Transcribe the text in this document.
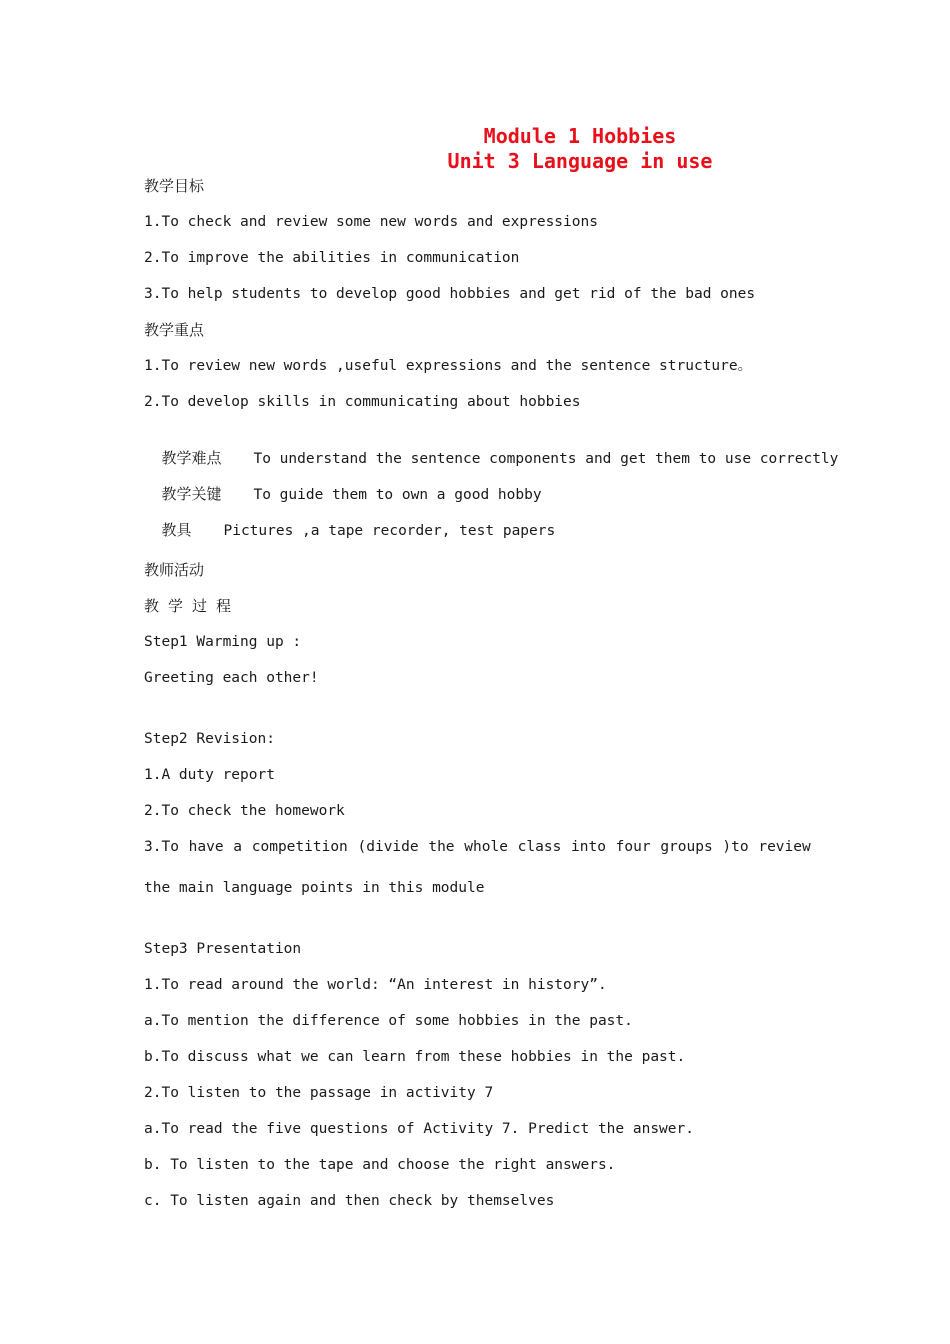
Module 1 Hobbies
Unit 3 Language in use
教学目标
1.To check and review some new words and expressions
2.To improve the abilities in communication
3.To help students to develop good hobbies and get rid of the bad ones
教学重点
1.To review new words ,useful expressions and the sentence structure。
2.To develop skills in communicating about hobbies

教学难点 To understand the sentence components and get them to use correctly

教学关键 To guide them to own a good hobby

教具 Pictures ,a tape recorder, test papers

教师活动
教学过程
Step1 Warming up :
Greeting each other!
Step2 Revision:
1.A duty report
2.To check the homework
3.To have a competition (divide the whole class into four groups )to review
the main language points in this module
Step3 Presentation
1.To read around the world: “An interest in history”.
a.To mention the difference of some hobbies in the past.
b.To discuss what we can learn from these hobbies in the past.
2.To listen to the passage in activity 7
a.To read the five questions of Activity 7. Predict the answer.
b. To listen to the tape and choose the right answers.
c. To listen again and then check by themselves
